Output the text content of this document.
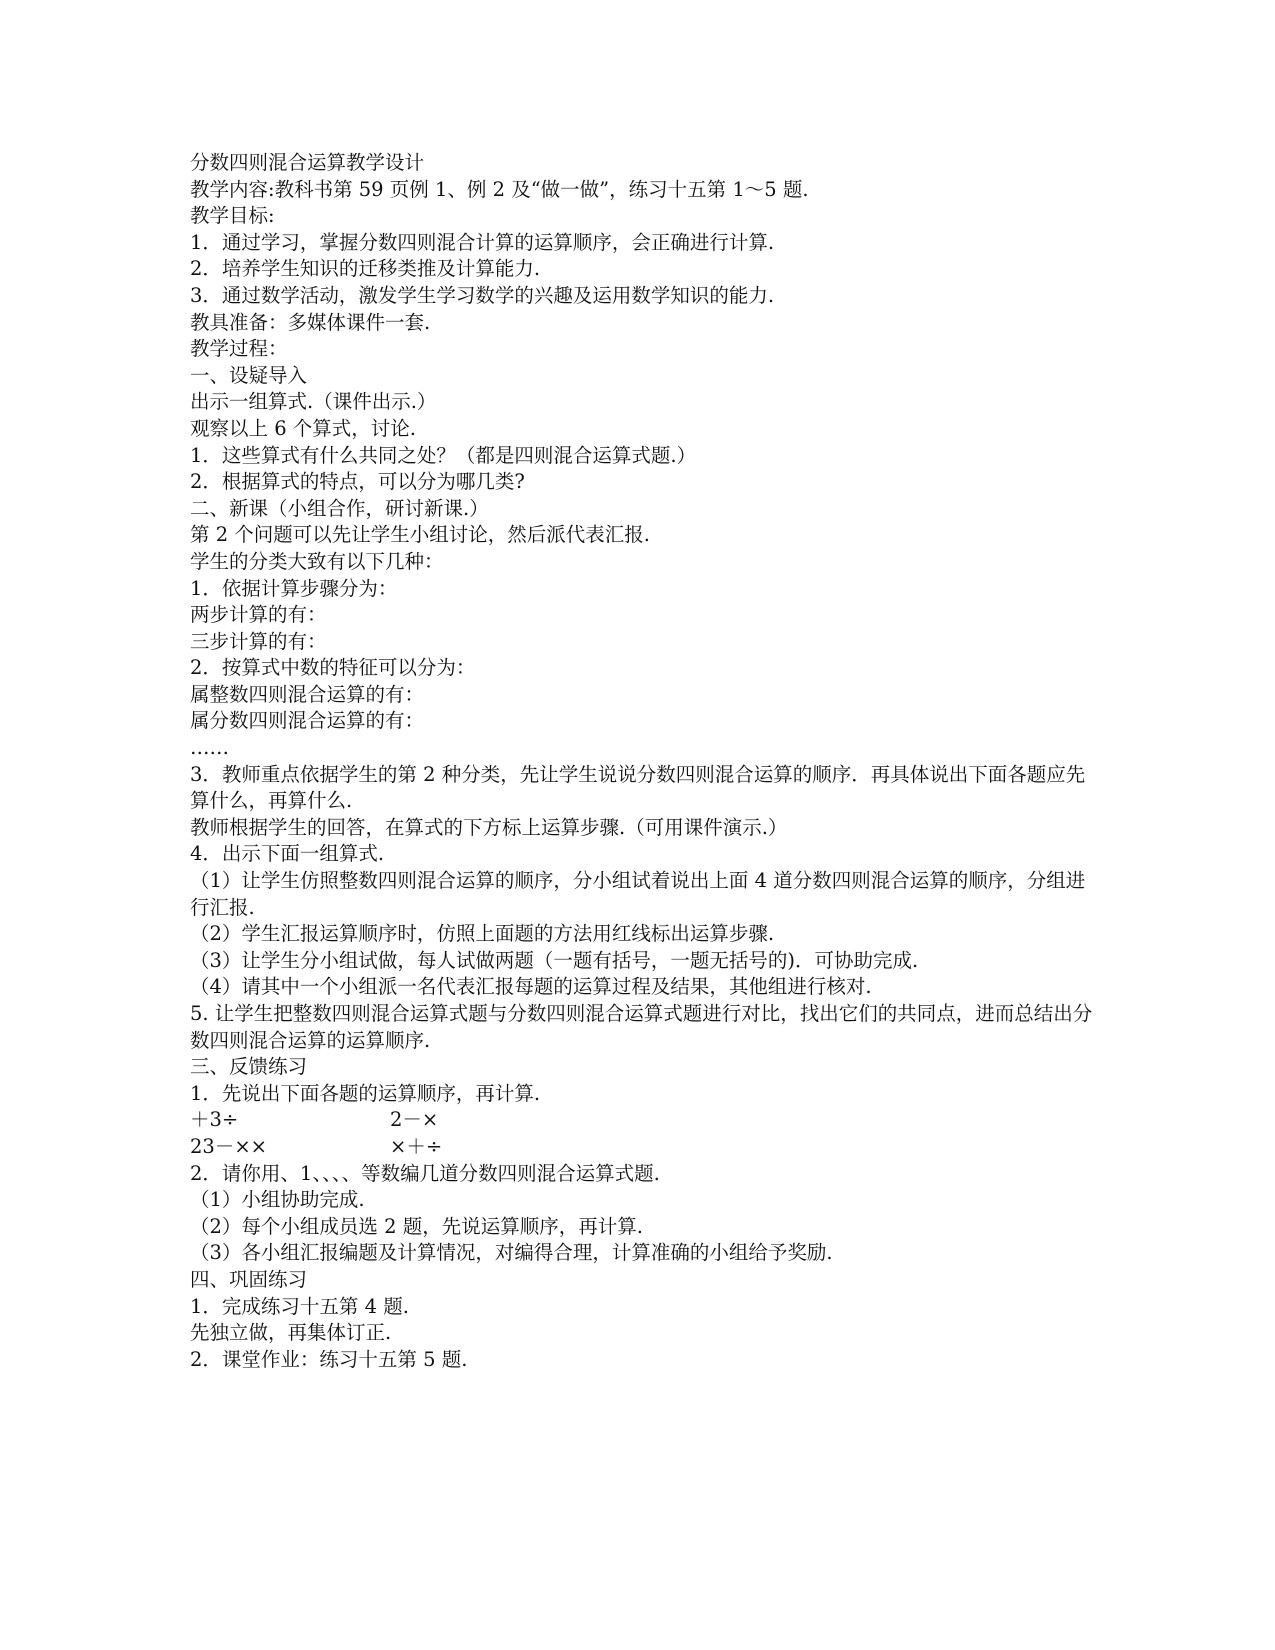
分数四则混合运算教学设计
教学内容:教科书第 59 页例 1、例 2 及“做一做”，练习十五第 1～5 题.
教学目标:
1．通过学习，掌握分数四则混合计算的运算顺序，会正确进行计算.
2．培养学生知识的迁移类推及计算能力.
3．通过数学活动，激发学生学习数学的兴趣及运用数学知识的能力.
教具准备：多媒体课件一套.
教学过程：
一、设疑导入
出示一组算式.（课件出示.）
观察以上 6 个算式，讨论.
1．这些算式有什么共同之处？（都是四则混合运算式题.）
2．根据算式的特点，可以分为哪几类?
二、新课（小组合作，研讨新课.）
第 2 个问题可以先让学生小组讨论，然后派代表汇报.
学生的分类大致有以下几种：
1．依据计算步骤分为：
两步计算的有：
三步计算的有：
2．按算式中数的特征可以分为：
属整数四则混合运算的有：
属分数四则混合运算的有：
……
3．教师重点依据学生的第 2 种分类，先让学生说说分数四则混合运算的顺序．再具体说出下面各题应先算什么，再算什么.
教师根据学生的回答，在算式的下方标上运算步骤.（可用课件演示.）
4．出示下面一组算式.
（1）让学生仿照整数四则混合运算的顺序，分小组试着说出上面 4 道分数四则混合运算的顺序，分组进行汇报.
（2）学生汇报运算顺序时，仿照上面题的方法用红线标出运算步骤.
（3）让学生分小组试做，每人试做两题（一题有括号，一题无括号的)．可协助完成.
（4）请其中一个小组派一名代表汇报每题的运算过程及结果，其他组进行核对.
5. 让学生把整数四则混合运算式题与分数四则混合运算式题进行对比，找出它们的共同点，进而总结出分数四则混合运算的运算顺序.
三、反馈练习
1．先说出下面各题的运算顺序，再计算.
＋3÷	2－×
23－××	×＋÷
2．请你用、1、、、、等数编几道分数四则混合运算式题.
（1）小组协助完成.
（2）每个小组成员选 2 题，先说运算顺序，再计算.
（3）各小组汇报编题及计算情况，对编得合理，计算准确的小组给予奖励.
四、巩固练习
1．完成练习十五第 4 题.
先独立做，再集体订正.
2．课堂作业：练习十五第 5 题.
